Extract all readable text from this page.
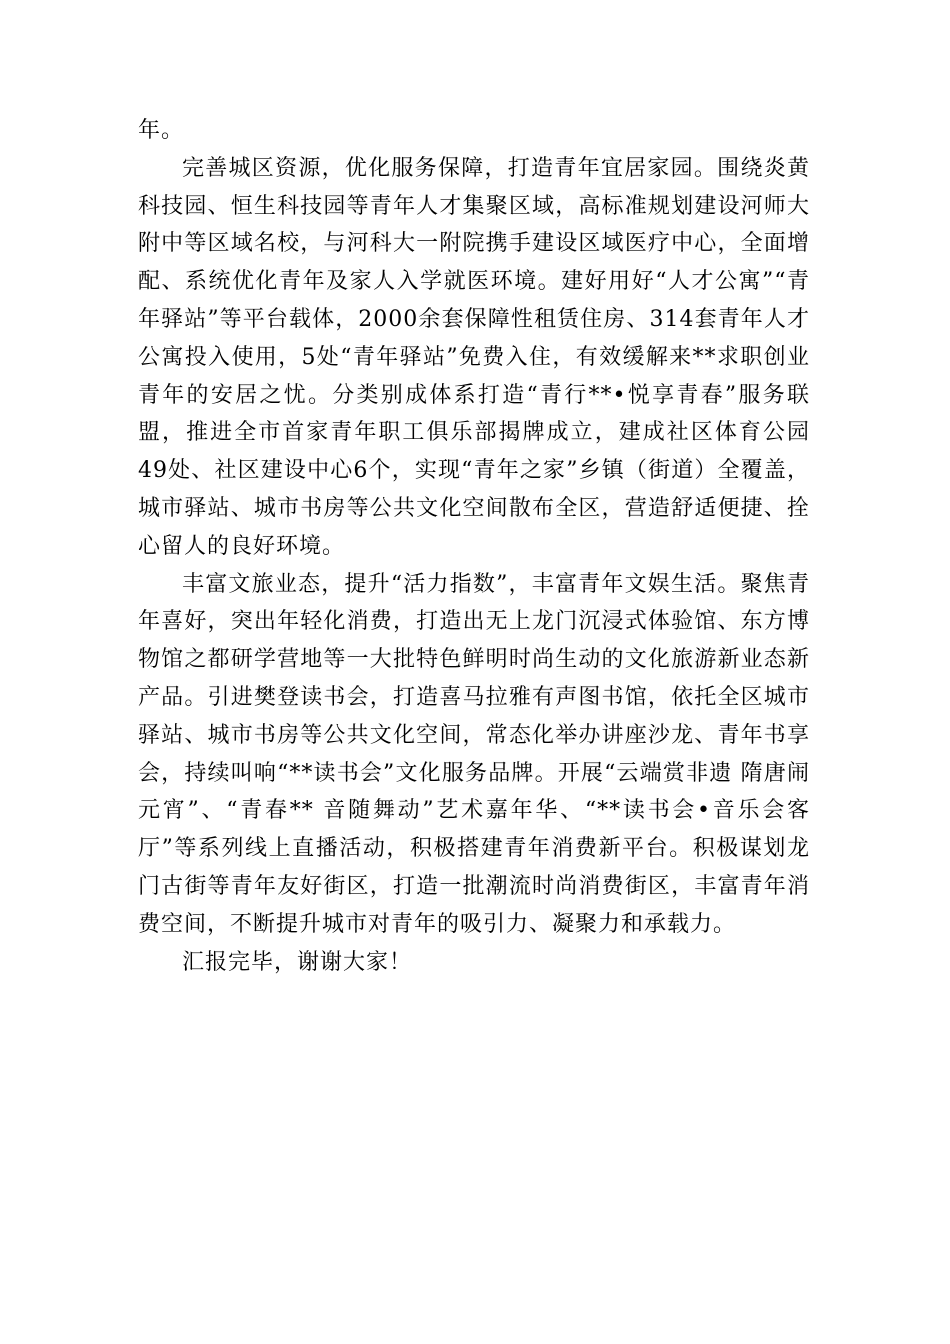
年。

完善城区资源，优化服务保障，打造青年宜居家园。围绕炎黄科技园、恒生科技园等青年人才集聚区域，高标准规划建设河师大附中等区域名校，与河科大一附院携手建设区域医疗中心，全面增配、系统优化青年及家人入学就医环境。建好用好“人才公寓”“青年驿站”等平台载体，2000余套保障性租赁住房、314套青年人才公寓投入使用，5处“青年驿站”免费入住，有效缓解来**求职创业青年的安居之忧。分类别成体系打造“青行**•悦享青春”服务联盟，推进全市首家青年职工俱乐部揭牌成立，建成社区体育公园49处、社区建设中心6个，实现“青年之家”乡镇（街道）全覆盖，城市驿站、城市书房等公共文化空间散布全区，营造舒适便捷、拴心留人的良好环境。

丰富文旅业态，提升“活力指数”，丰富青年文娱生活。聚焦青年喜好，突出年轻化消费，打造出无上龙门沉浸式体验馆、东方博物馆之都研学营地等一大批特色鲜明时尚生动的文化旅游新业态新产品。引进樊登读书会，打造喜马拉雅有声图书馆，依托全区城市驿站、城市书房等公共文化空间，常态化举办讲座沙龙、青年书享会，持续叫响“**读书会”文化服务品牌。开展“云端赏非遗 隋唐闹元宵”、“青春** 音随舞动”艺术嘉年华、“**读书会•音乐会客厅”等系列线上直播活动，积极搭建青年消费新平台。积极谋划龙门古街等青年友好街区，打造一批潮流时尚消费街区，丰富青年消费空间，不断提升城市对青年的吸引力、凝聚力和承载力。

汇报完毕，谢谢大家！
